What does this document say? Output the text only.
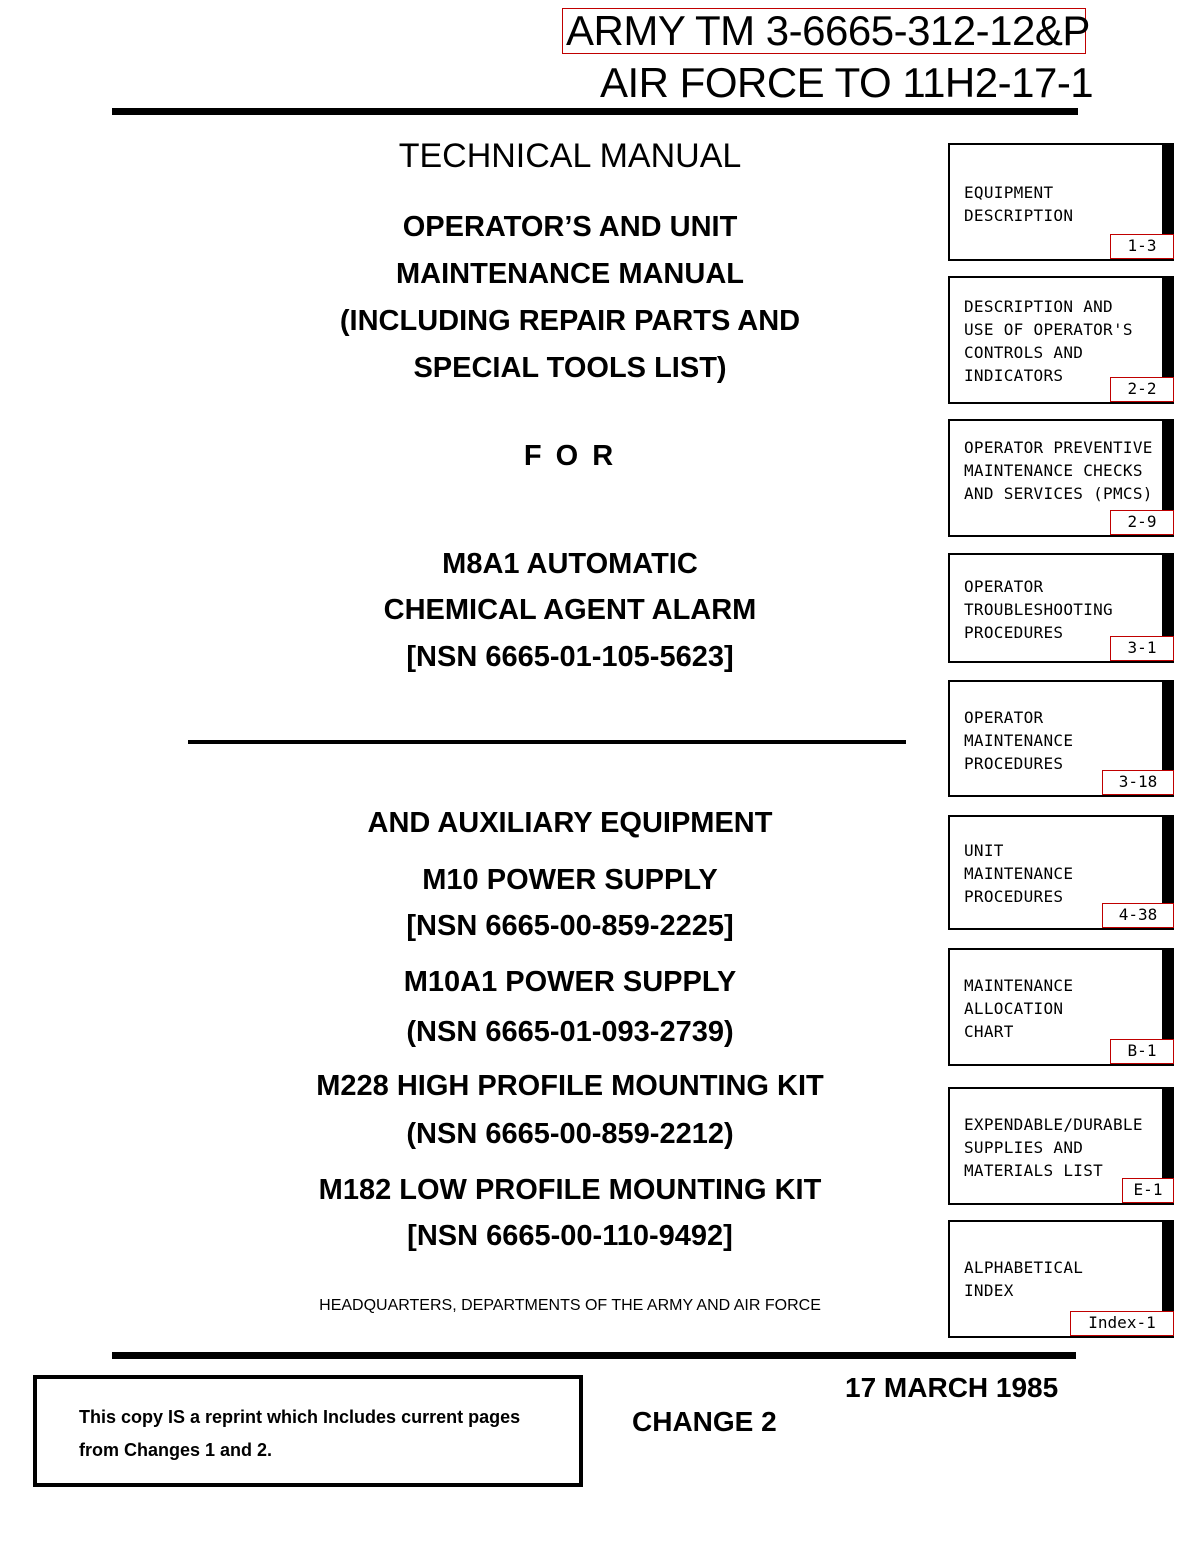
ARMY TM 3-6665-312-12&P
AIR FORCE TO 11H2-17-1
TECHNICAL MANUAL
OPERATOR’S AND UNIT
MAINTENANCE MANUAL
(INCLUDING REPAIR PARTS AND
SPECIAL TOOLS LIST)
F O R
M8A1 AUTOMATIC
CHEMICAL AGENT ALARM
[NSN 6665-01-105-5623]
AND AUXILIARY EQUIPMENT
M10 POWER SUPPLY
[NSN 6665-00-859-2225]
M10A1 POWER SUPPLY
(NSN 6665-01-093-2739)
M228 HIGH PROFILE MOUNTING KIT
(NSN 6665-00-859-2212)
M182 LOW PROFILE MOUNTING KIT
[NSN 6665-00-110-9492]
HEADQUARTERS, DEPARTMENTS OF THE ARMY AND AIR FORCE
EQUIPMENT
DESCRIPTION
1-3
DESCRIPTION AND
USE OF OPERATOR'S
CONTROLS AND
INDICATORS
2-2
OPERATOR PREVENTIVE
MAINTENANCE CHECKS
AND SERVICES (PMCS)
2-9
OPERATOR
TROUBLESHOOTING
PROCEDURES
3-1
OPERATOR
MAINTENANCE
PROCEDURES
3-18
UNIT
MAINTENANCE
PROCEDURES
4-38
MAINTENANCE
ALLOCATION
CHART
B-1
EXPENDABLE/DURABLE
SUPPLIES AND
MATERIALS LIST
E-1
ALPHABETICAL
INDEX
Index-1
This copy IS a reprint which Includes current pages from Changes 1 and 2.
CHANGE 2
17 MARCH 1985
